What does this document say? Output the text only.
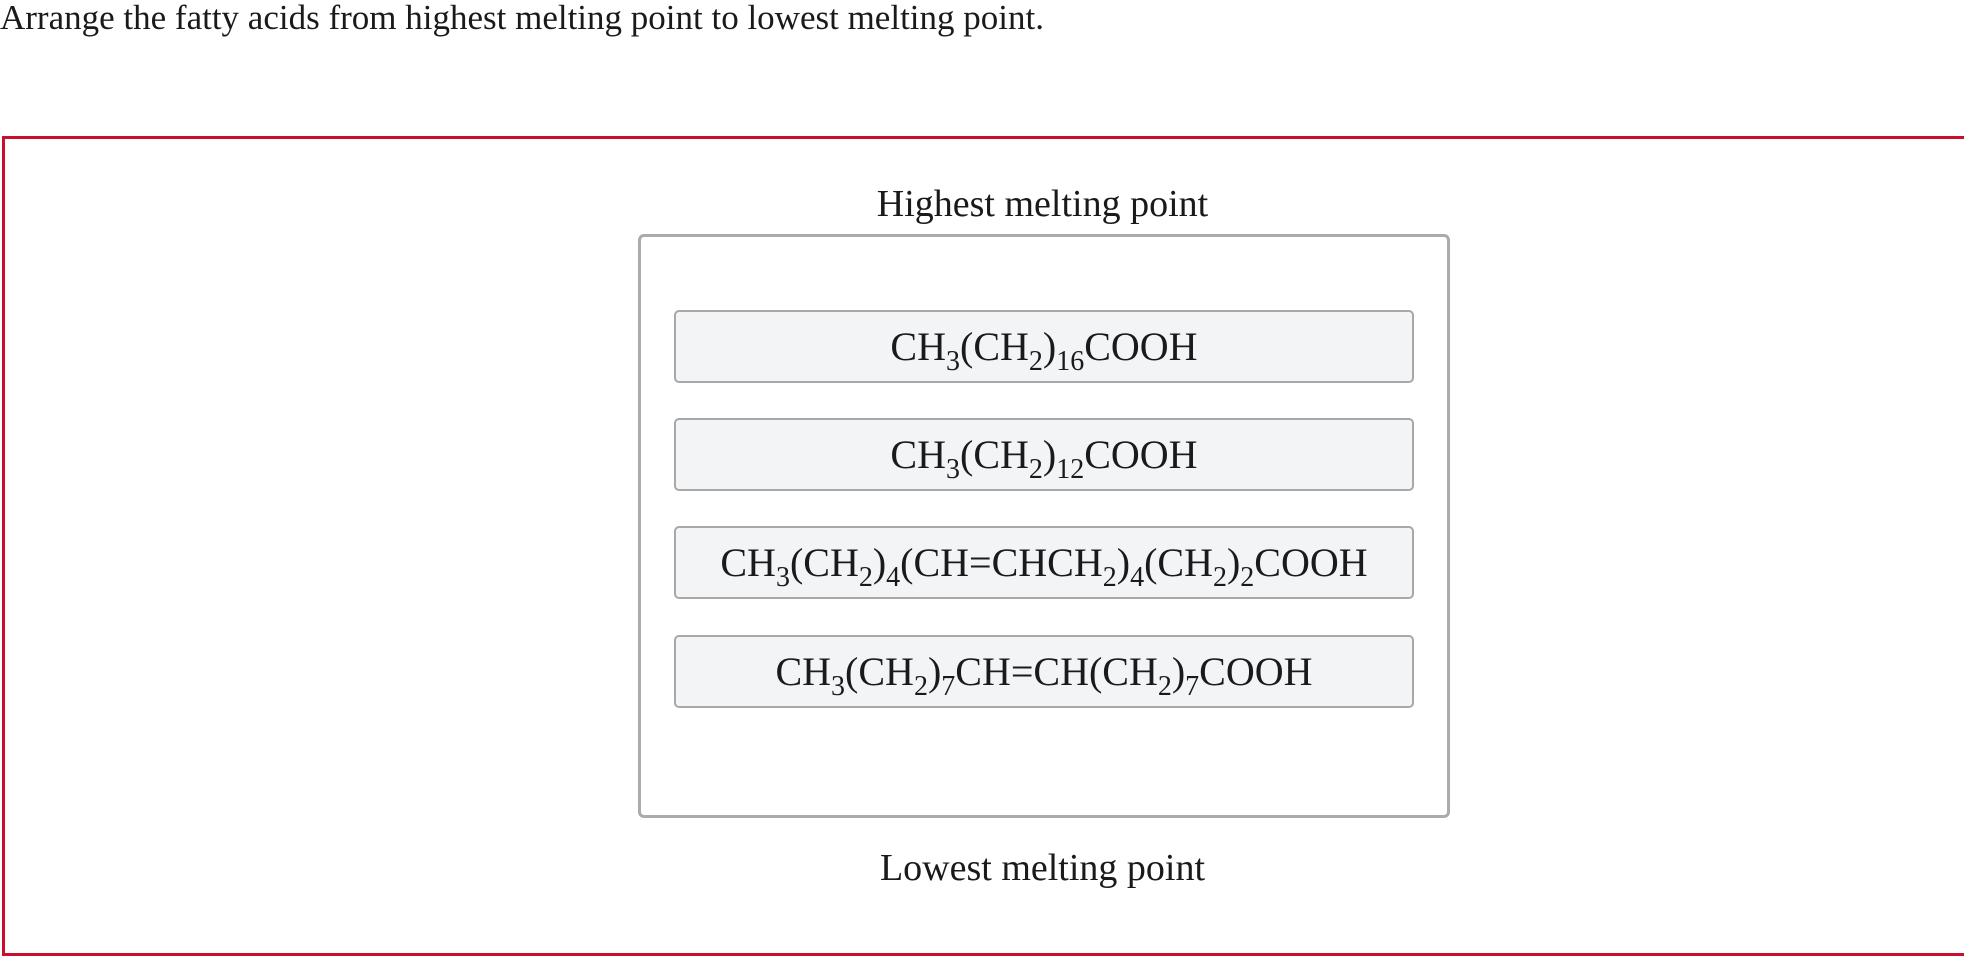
Arrange the fatty acids from highest melting point to lowest melting point.
Highest melting point
$CH_3(CH_2)_{16}COOH$
$CH_3(CH_2)_{12}COOH$
$CH_3(CH_2)_4(CH=CHCH_2)_4(CH_2)_2COOH$
$CH_3(CH_2)_7CH=CH(CH_2)_7COOH$
Lowest melting point
